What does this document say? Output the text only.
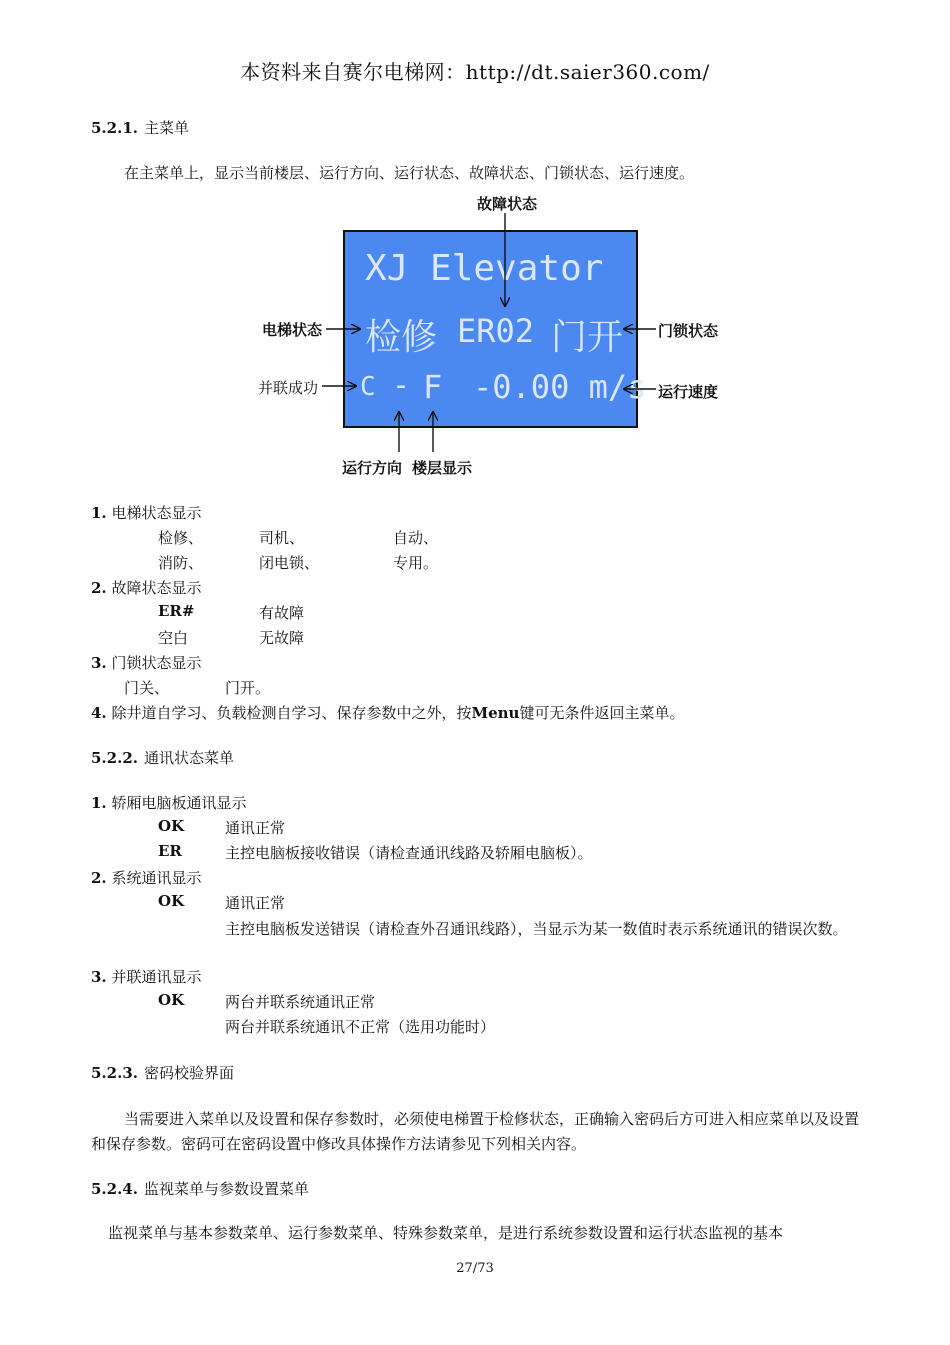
本资料来自赛尔电梯网：http://dt.saier360.com/
5.2.1. 主菜单
在主菜单上，显示当前楼层、运行方向、运行状态、故障状态、门锁状态、运行速度。
XJ Elevator
检修 ER02 门开
C - F -0.00 m/s
故障状态
电梯状态	门锁状态
并联成功	运行速度
运行方向 楼层显示
1. 电梯状态显示
检修、	司机、	自动、
消防、	闭电锁、	专用。
2. 故障状态显示
ER#	有故障
空白	无故障
3. 门锁状态显示
门关、	门开。
4. 除井道自学习、负载检测自学习、保存参数中之外，按Menu键可无条件返回主菜单。
5.2.2. 通讯状态菜单
1. 轿厢电脑板通讯显示
OK	通讯正常
ER	主控电脑板接收错误（请检查通讯线路及轿厢电脑板）。
2. 系统通讯显示
OK	通讯正常
主控电脑板发送错误（请检查外召通讯线路），当显示为某一数值时表示系统通讯的错误次数。
3. 并联通讯显示
OK	两台并联系统通讯正常
两台并联系统通讯不正常（选用功能时）
5.2.3. 密码校验界面
当需要进入菜单以及设置和保存参数时，必须使电梯置于检修状态，正确输入密码后方可进入相应菜单以及设置和保存参数。密码可在密码设置中修改具体操作方法请参见下列相关内容。
5.2.4. 监视菜单与参数设置菜单
监视菜单与基本参数菜单、运行参数菜单、特殊参数菜单，是进行系统参数设置和运行状态监视的基本
27/73
